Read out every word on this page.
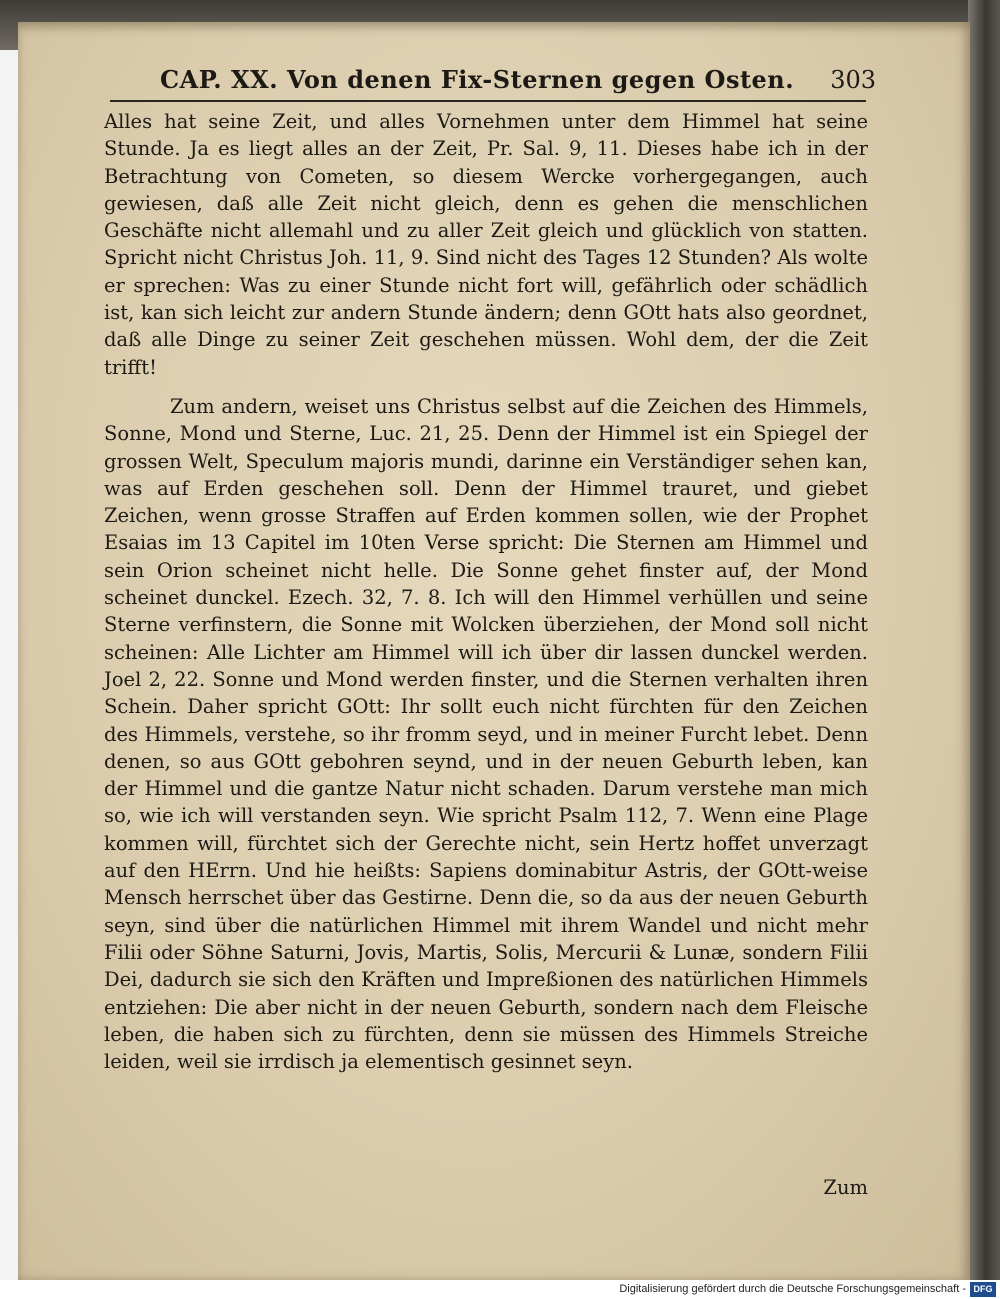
CAP. XX. Von denen Fix-Sternen gegen Osten. 303

Alles hat seine Zeit, und alles Vornehmen unter dem Himmel hat seine Stunde. Ja es liegt alles an der Zeit, Pr. Sal. 9, 11. Dieses habe ich in der Betrachtung von Cometen, so diesem Wercke vorhergegangen, auch gewiesen, daß alle Zeit nicht gleich, denn es gehen die menschlichen Geschäfte nicht allemahl und zu aller Zeit gleich und glücklich von statten. Spricht nicht Christus Joh. 11, 9. Sind nicht des Tages 12 Stunden? Als wolte er sprechen: Was zu einer Stunde nicht fort will, gefährlich oder schädlich ist, kan sich leicht zur andern Stunde ändern; denn GOtt hats also geordnet, daß alle Dinge zu seiner Zeit geschehen müssen. Wohl dem, der die Zeit trifft!

Zum andern, weiset uns Christus selbst auf die Zeichen des Himmels, Sonne, Mond und Sterne, Luc. 21, 25. Denn der Himmel ist ein Spiegel der grossen Welt, Speculum majoris mundi, darinne ein Verständiger sehen kan, was auf Erden geschehen soll. Denn der Himmel trauret, und giebet Zeichen, wenn grosse Straffen auf Erden kommen sollen, wie der Prophet Esaias im 13 Capitel im 10ten Verse spricht: Die Sternen am Himmel und sein Orion scheinet nicht helle. Die Sonne gehet finster auf, der Mond scheinet dunckel. Ezech. 32, 7. 8. Ich will den Himmel verhüllen und seine Sterne verfinstern, die Sonne mit Wolcken überziehen, der Mond soll nicht scheinen: Alle Lichter am Himmel will ich über dir lassen dunckel werden. Joel 2, 22. Sonne und Mond werden finster, und die Sternen verhalten ihren Schein. Daher spricht GOtt: Ihr sollt euch nicht fürchten für den Zeichen des Himmels, verstehe, so ihr fromm seyd, und in meiner Furcht lebet. Denn denen, so aus GOtt gebohren seynd, und in der neuen Geburth leben, kan der Himmel und die gantze Natur nicht schaden. Darum verstehe man mich so, wie ich will verstanden seyn. Wie spricht Psalm 112, 7. Wenn eine Plage kommen will, fürchtet sich der Gerechte nicht, sein Hertz hoffet unverzagt auf den HErrn. Und hie heißts: Sapiens dominabitur Astris, der GOtt-weise Mensch herrschet über das Gestirne. Denn die, so da aus der neuen Geburth seyn, sind über die natürlichen Himmel mit ihrem Wandel und nicht mehr Filii oder Söhne Saturni, Jovis, Martis, Solis, Mercurii & Lunæ, sondern Filii Dei, dadurch sie sich den Kräften und Impreßionen des natürlichen Himmels entziehen: Die aber nicht in der neuen Geburth, sondern nach dem Fleische leben, die haben sich zu fürchten, denn sie müssen des Himmels Streiche leiden, weil sie irrdisch ja elementisch gesinnet seyn.

Zum
Digitalisierung gefördert durch die Deutsche Forschungsgemeinschaft - DFG
